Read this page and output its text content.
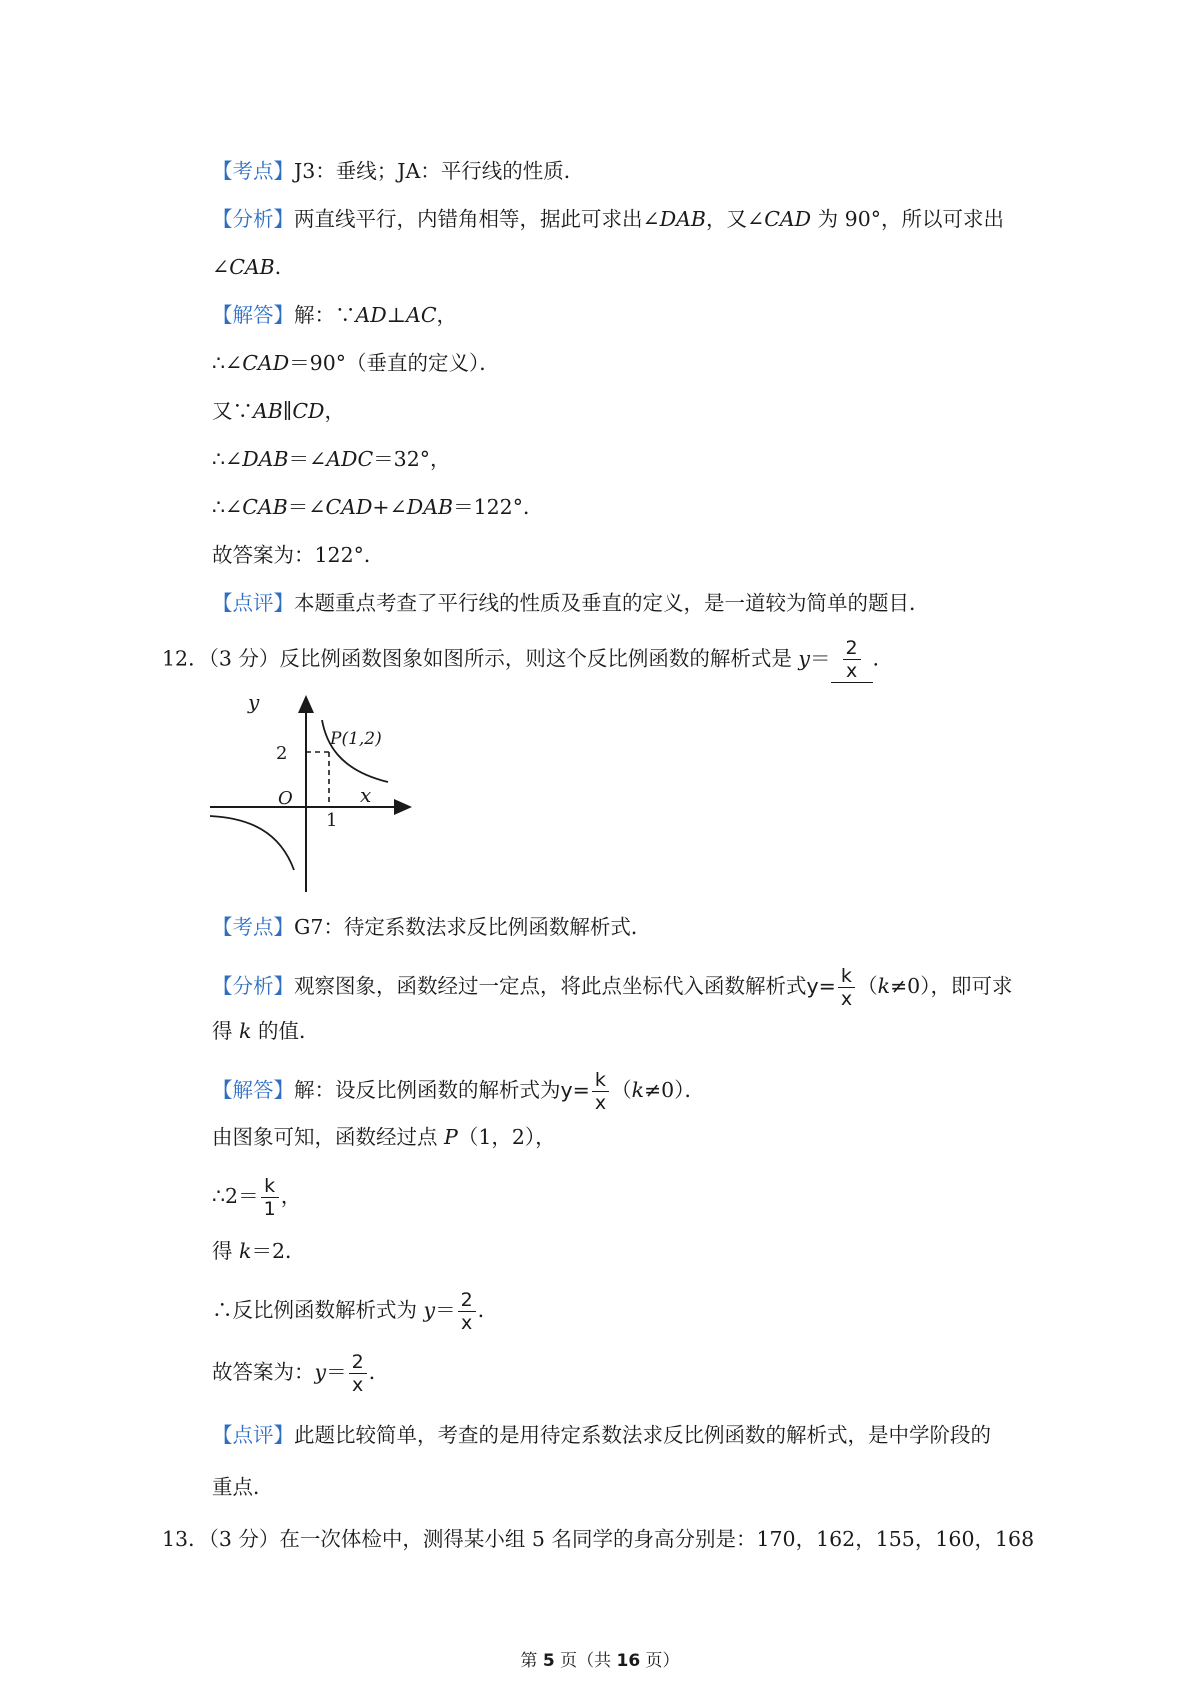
【考点】J3：垂线；JA：平行线的性质．
【分析】两直线平行，内错角相等，据此可求出∠DAB，又∠CAD 为 90°，所以可求出
∠CAB．
【解答】解：∵AD⊥AC，
∴∠CAD＝90°（垂直的定义）．
又∵AB∥CD，
∴∠DAB＝∠ADC＝32°，
∴∠CAB＝∠CAD+∠DAB＝122°．
故答案为：122°．
【点评】本题重点考查了平行线的性质及垂直的定义，是一道较为简单的题目．
12．（3 分）反比例函数图象如图所示，则这个反比例函数的解析式是 $y= \frac{2}{x}$ ．
y
x
O
2
1
P(1,2)
【考点】G7：待定系数法求反比例函数解析式．
【分析】观察图象，函数经过一定点，将此点坐标代入函数解析式$y= \frac{k}{x} (k\ne 0)$，即可求
得 k 的值．
【解答】解：设反比例函数的解析式为$y= \frac{k}{x} (k\ne 0)$．
由图象可知，函数经过点 P（1，2），
∴2＝ $\frac{k}{1}$ ，
得 k＝2．
∴反比例函数解析式为 $y= \frac{2}{x}$ ．
故答案为：$y= \frac{2}{x}$ ．
【点评】此题比较简单，考查的是用待定系数法求反比例函数的解析式，是中学阶段的
重点．
13．（3 分）在一次体检中，测得某小组 5 名同学的身高分别是：170，162，155，160，168
第 5 页（共 16 页）
